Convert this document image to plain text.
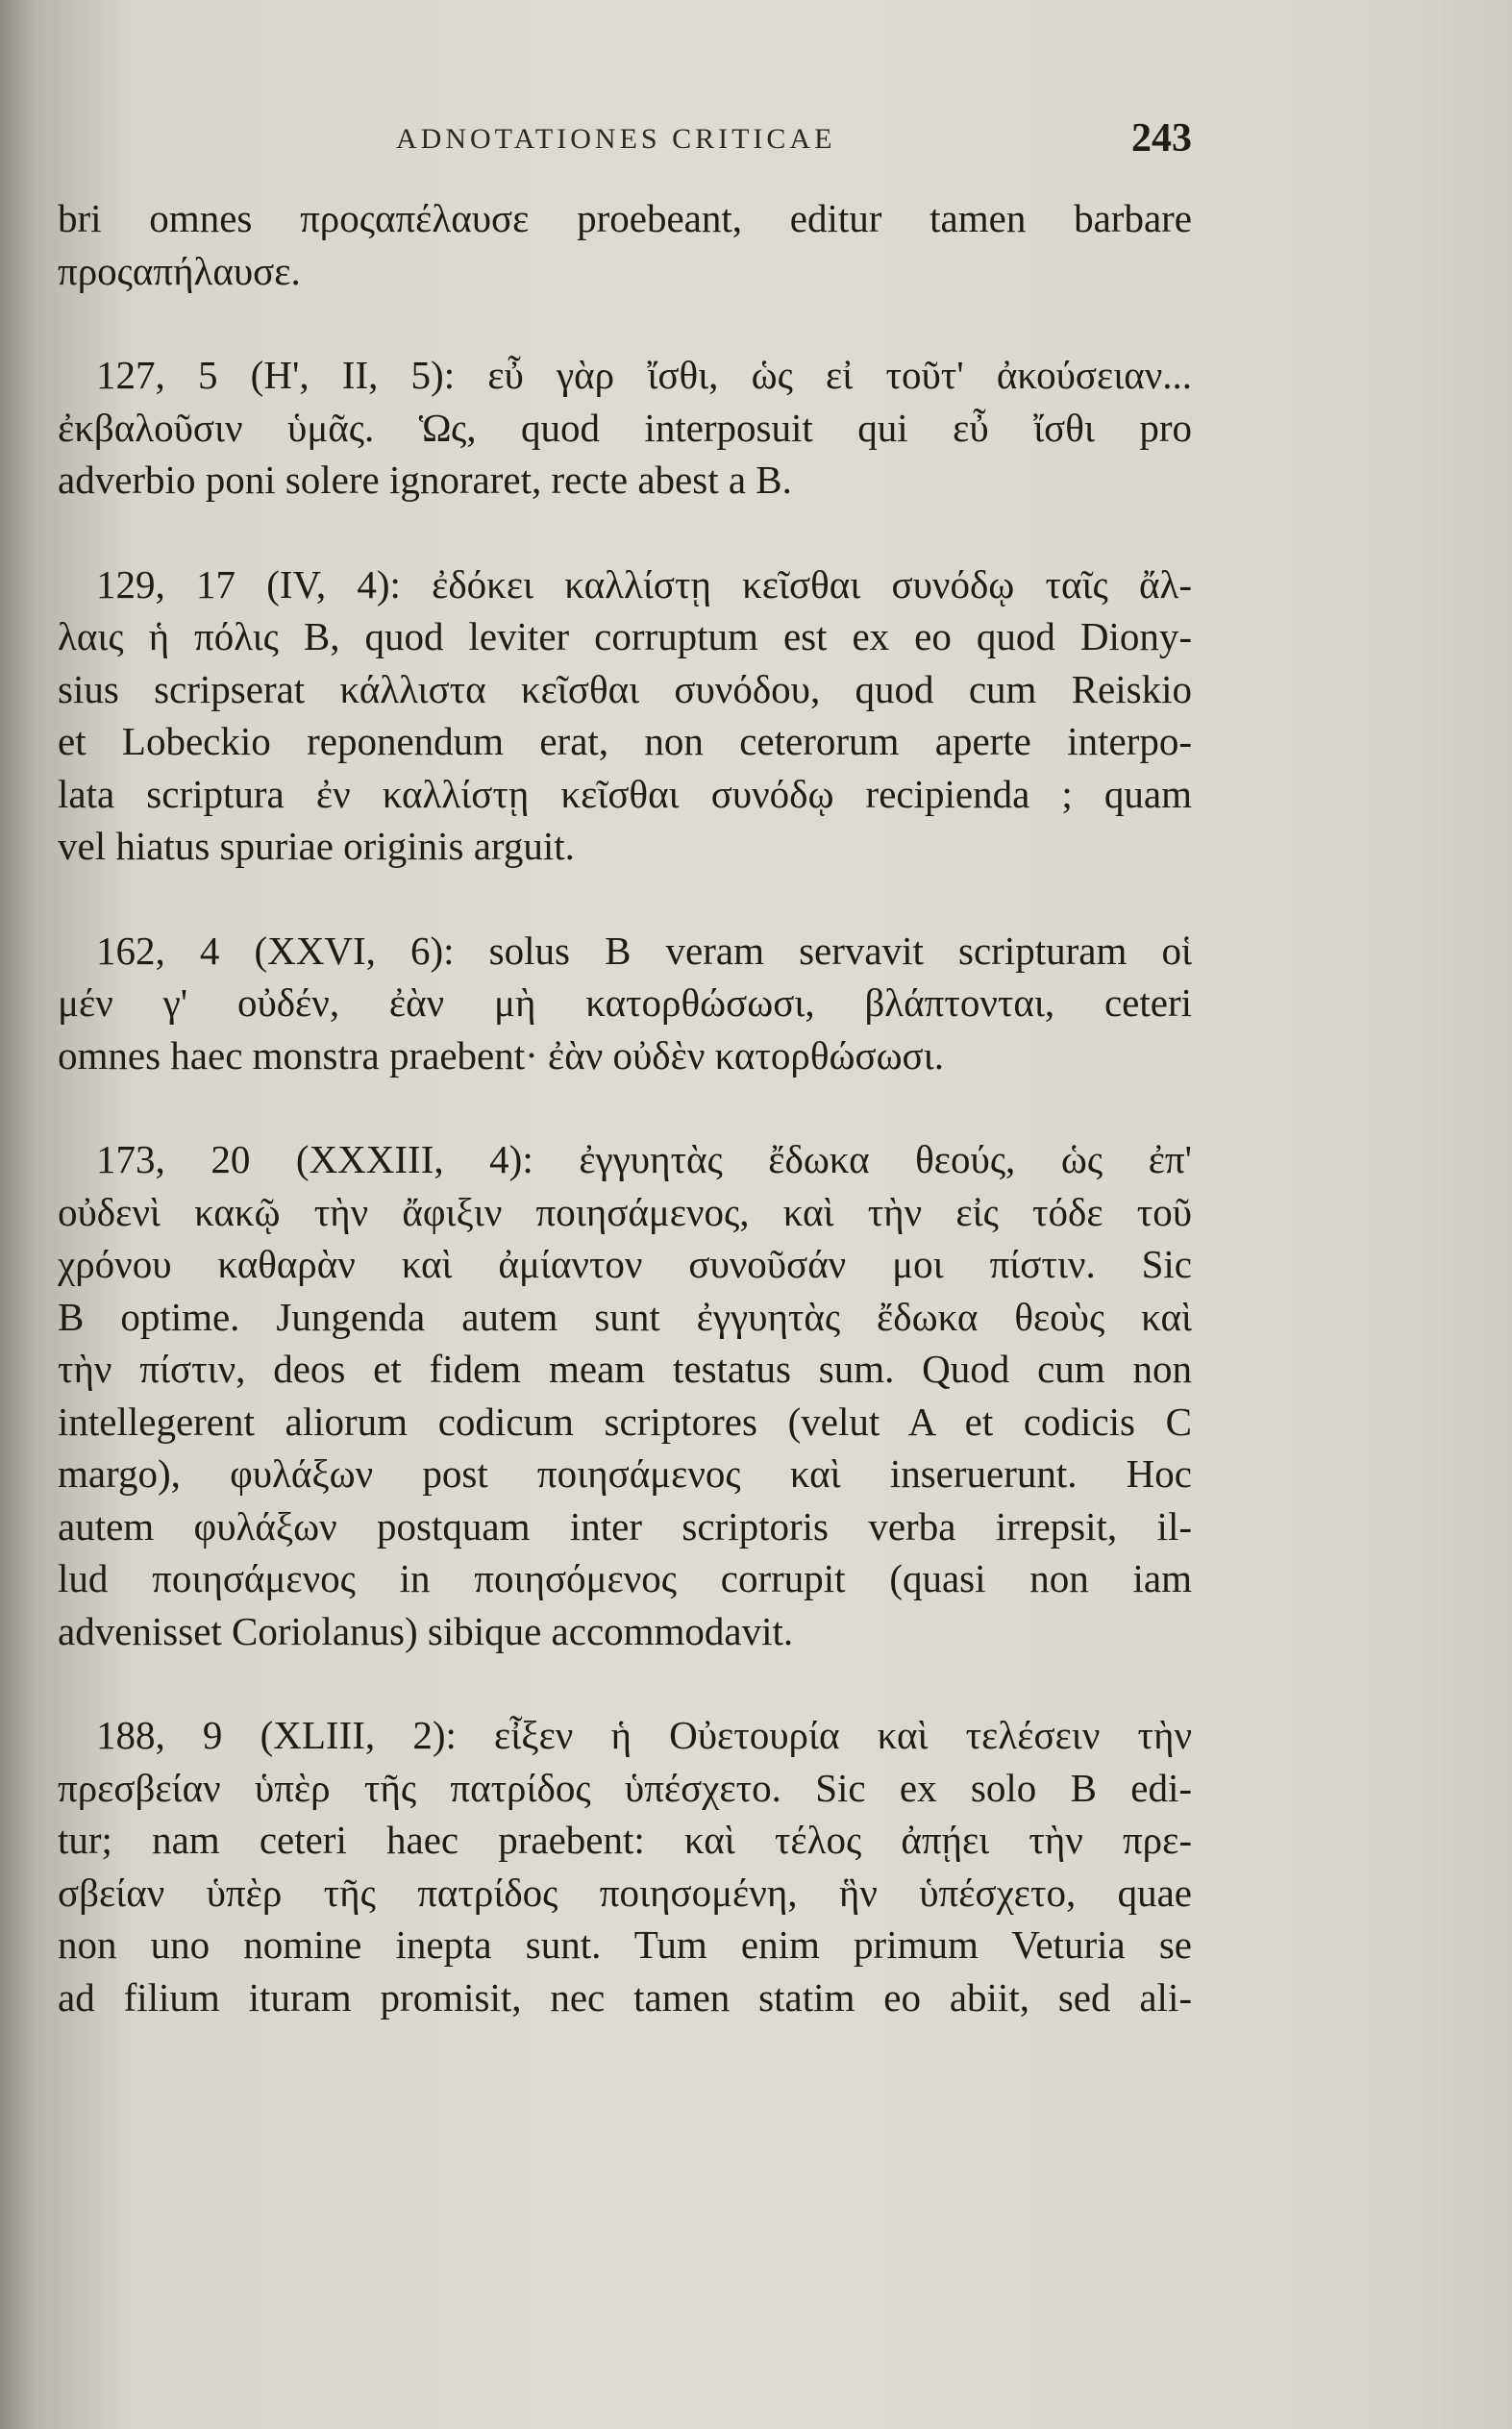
ADNOTATIONES CRITICAE	243

bri omnes προςαπέλαυσε proebeant, editur tamen barbare
προςαπήλαυσε.

127, 5 (Η', II, 5): εὖ γὰρ ἴσθι, ὡς εἰ τοῦτ' ἀκούσειαν...
ἐκβαλοῦσιν ὑμᾶς. Ὡς, quod interposuit qui εὖ ἴσθι pro
adverbio poni solere ignoraret, recte abest a B.

129, 17 (IV, 4): ἐδόκει καλλίστῃ κεῖσθαι συνόδῳ ταῖς ἄλ-
λαις ἡ πόλις B, quod leviter corruptum est ex eo quod Diony-
sius scripserat κάλλιστα κεῖσθαι συνόδου, quod cum Reiskio
et Lobeckio reponendum erat, non ceterorum aperte interpo-
lata scriptura ἐν καλλίστῃ κεῖσθαι συνόδῳ recipienda ; quam
vel hiatus spuriae originis arguit.

162, 4 (XXVI, 6): solus B veram servavit scripturam οἱ
μέν γ' οὐδέν, ἐὰν μὴ κατορθώσωσι, βλάπτονται, ceteri
omnes haec monstra praebent· ἐὰν οὐδὲν κατορθώσωσι.

173, 20 (XXXIII, 4): ἐγγυητὰς ἔδωκα θεούς, ὡς ἐπ'
οὐδενὶ κακῷ τὴν ἄφιξιν ποιησάμενος, καὶ τὴν εἰς τόδε τοῦ
χρόνου καθαρὰν καὶ ἀμίαντον συνοῦσάν μοι πίστιν. Sic
B optime. Jungenda autem sunt ἐγγυητὰς ἔδωκα θεοὺς καὶ
τὴν πίστιν, deos et fidem meam testatus sum. Quod cum non
intellegerent aliorum codicum scriptores (velut A et codicis C
margo), φυλάξων post ποιησάμενος καὶ inseruerunt. Hoc
autem φυλάξων postquam inter scriptoris verba irrepsit, il-
lud ποιησάμενος in ποιησόμενος corrupit (quasi non iam
advenisset Coriolanus) sibique accommodavit.

188, 9 (XLIII, 2): εἶξεν ἡ Οὐετουρία καὶ τελέσειν τὴν
πρεσβείαν ὑπὲρ τῆς πατρίδος ὑπέσχετο. Sic ex solo B edi-
tur; nam ceteri haec praebent: καὶ τέλος ἀπῄει τὴν πρε-
σβείαν ὑπὲρ τῆς πατρίδος ποιησομένη, ἣν ὑπέσχετο, quae
non uno nomine inepta sunt. Tum enim primum Veturia se
ad filium ituram promisit, nec tamen statim eo abiit, sed ali-
